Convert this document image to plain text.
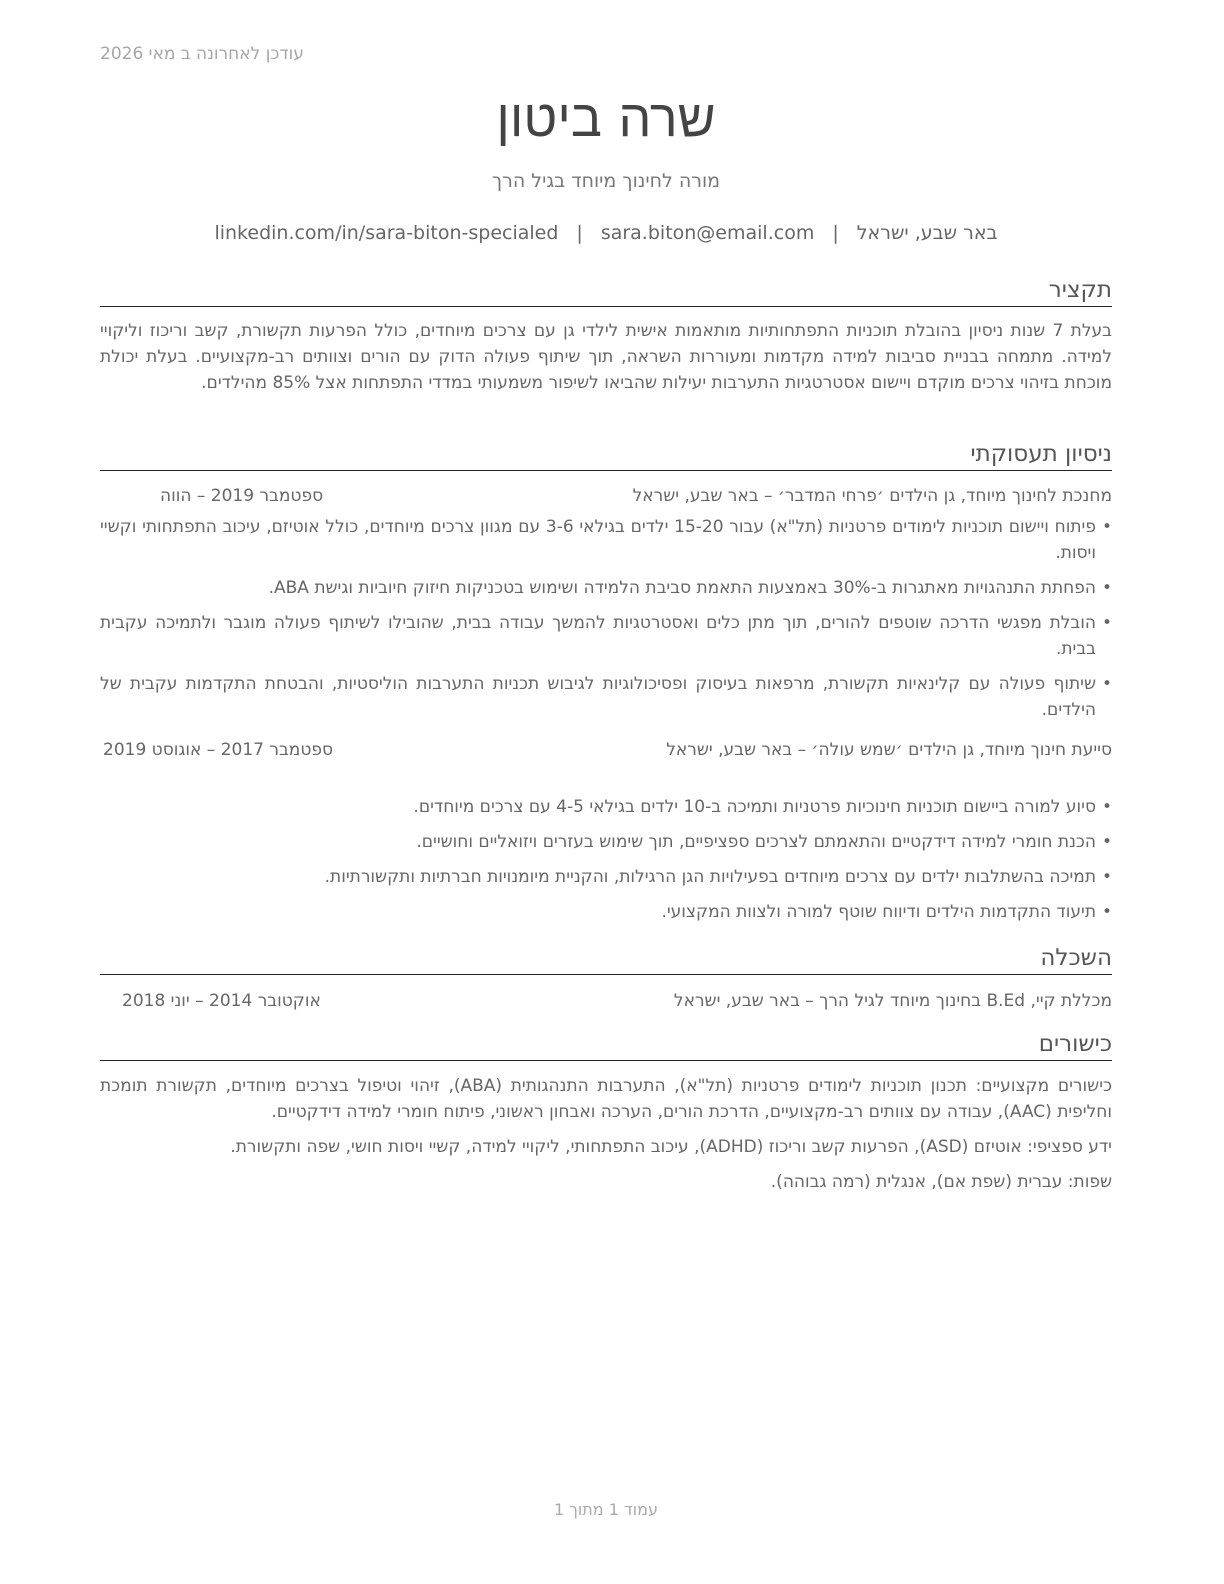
עודכן לאחרונה ב מאי 2026
שרה ביטון
מורה לחינוך מיוחד בגיל הרך
linkedin.com/in/sara-biton-specialed | sara.biton@email.com | באר שבע, ישראל
תקציר

בעלת 7 שנות ניסיון בהובלת תוכניות התפתחותיות מותאמות אישית לילדי גן עם צרכים מיוחדים, כולל הפרעות תקשורת, קשב וריכוז וליקויי למידה. מתמחה בבניית סביבות למידה מקדמות ומעוררות השראה, תוך שיתוף פעולה הדוק עם הורים וצוותים רב-מקצועיים. בעלת יכולת מוכחת בזיהוי צרכים מוקדם ויישום אסטרטגיות התערבות יעילות שהביאו לשיפור משמעותי במדדי התפתחות אצל 85% מהילדים.

ניסיון תעסוקתי
ספטמבר 2019 – הווה	מחנכת לחינוך מיוחד, גן הילדים ׳פרחי המדבר׳ – באר שבע, ישראל
• פיתוח ויישום תוכניות לימודים פרטניות (תל"א) עבור 15-20 ילדים בגילאי 3-6 עם מגוון צרכים מיוחדים, כולל אוטיזם, עיכוב התפתחותי וקשיי ויסות.
• הפחתת התנהגויות מאתגרות ב-30% באמצעות התאמת סביבת הלמידה ושימוש בטכניקות חיזוק חיוביות וגישת ABA.
• הובלת מפגשי הדרכה שוטפים להורים, תוך מתן כלים ואסטרטגיות להמשך עבודה בבית, שהובילו לשיתוף פעולה מוגבר ולתמיכה עקבית בבית.
• שיתוף פעולה עם קלינאיות תקשורת, מרפאות בעיסוק ופסיכולוגיות לגיבוש תכניות התערבות הוליסטיות, והבטחת התקדמות עקבית של הילדים.
ספטמבר 2017 – אוגוסט 2019	סייעת חינוך מיוחד, גן הילדים ׳שמש עולה׳ – באר שבע, ישראל
• סיוע למורה ביישום תוכניות חינוכיות פרטניות ותמיכה ב-10 ילדים בגילאי 4-5 עם צרכים מיוחדים.
• הכנת חומרי למידה דידקטיים והתאמתם לצרכים ספציפיים, תוך שימוש בעזרים ויזואליים וחושיים.
• תמיכה בהשתלבות ילדים עם צרכים מיוחדים בפעילויות הגן הרגילות, והקניית מיומנויות חברתיות ותקשורתיות.
• תיעוד התקדמות הילדים ודיווח שוטף למורה ולצוות המקצועי.
השכלה
אוקטובר 2014 – יוני 2018	מכללת קיי, B.Ed בחינוך מיוחד לגיל הרך – באר שבע, ישראל
כישורים

כישורים מקצועיים: תכנון תוכניות לימודים פרטניות (תל"א), התערבות התנהגותית (ABA), זיהוי וטיפול בצרכים מיוחדים, תקשורת תומכת וחליפית (AAC), עבודה עם צוותים רב-מקצועיים, הדרכת הורים, הערכה ואבחון ראשוני, פיתוח חומרי למידה דידקטיים.

ידע ספציפי: אוטיזם (ASD), הפרעות קשב וריכוז (ADHD), עיכוב התפתחותי, ליקויי למידה, קשיי ויסות חושי, שפה ותקשורת.

שפות: עברית (שפת אם), אנגלית (רמה גבוהה).

עמוד 1 מתוך 1
